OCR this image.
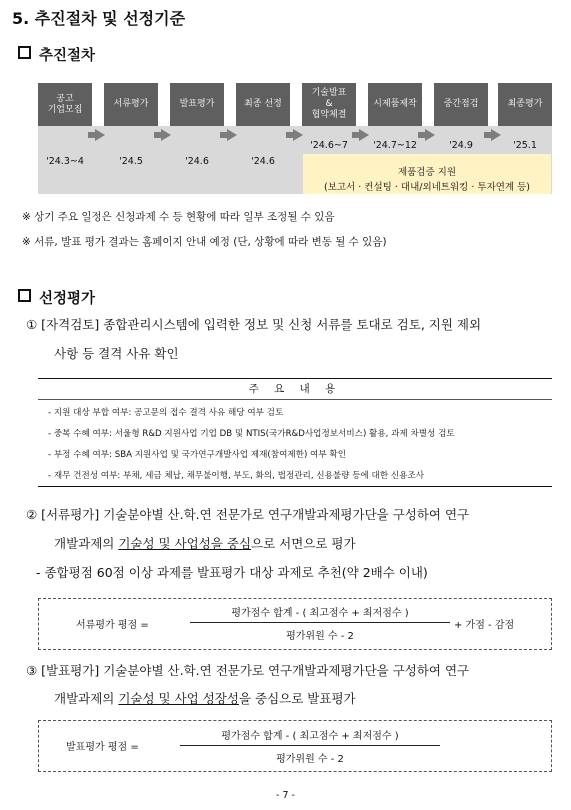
5. 추진절차 및 선정기준
추진절차
공고
기업모집
'24.3~4
서류평가
'24.5
발표평가
'24.6
최종 선정
'24.6
기술발표
&
협약체결
'24.6~7
시제품제작
'24.7~12
중간점검
'24.9
최종평가
'25.1
제품검증 지원
(보고서 · 컨설팅 · 대내/외네트워킹 · 투자연계 등)
※ 상기 주요 일정은 신청과제 수 등 현황에 따라 일부 조정될 수 있음
※ 서류, 발표 평가 결과는 홈페이지 안내 예정 (단, 상황에 따라 변동 될 수 있음)
선정평가
① [자격검토] 종합관리시스템에 입력한 정보 및 신청 서류를 토대로 검토, 지원 제외
사항 등 결격 사유 확인
주 요 내 용
- 지원 대상 부합 여부: 공고문의 접수 결격 사유 해당 여부 검토
- 중복 수혜 여부: 서울형 R&D 지원사업 기업 DB 및 NTIS(국가R&D사업정보서비스) 활용, 과제 차별성 검토
- 부정 수혜 여부: SBA 지원사업 및 국가연구개발사업 제재(참여제한) 여부 확인
- 재무 건전성 여부: 부채, 세금 체납, 채무불이행, 부도, 화의, 법정관리, 신용불량 등에 대한 신용조사
② [서류평가] 기술분야별 산.학.연 전문가로 연구개발과제평가단을 구성하여 연구
개발과제의 기술성 및 사업성을 중심으로 서면으로 평가
- 종합평점 60점 이상 과제를 발표평가 대상 과제로 추천(약 2배수 이내)
서류평가 평점 =
평가점수 합계 - ( 최고점수 + 최저점수 )
평가위원 수 - 2
+ 가점 - 감점
③ [발표평가] 기술분야별 산.학.연 전문가로 연구개발과제평가단을 구성하여 연구
개발과제의 기술성 및 사업 성장성을 중심으로 발표평가
발표평가 평점 =
평가점수 합계 - ( 최고점수 + 최저점수 )
평가위원 수 - 2
- 7 -
